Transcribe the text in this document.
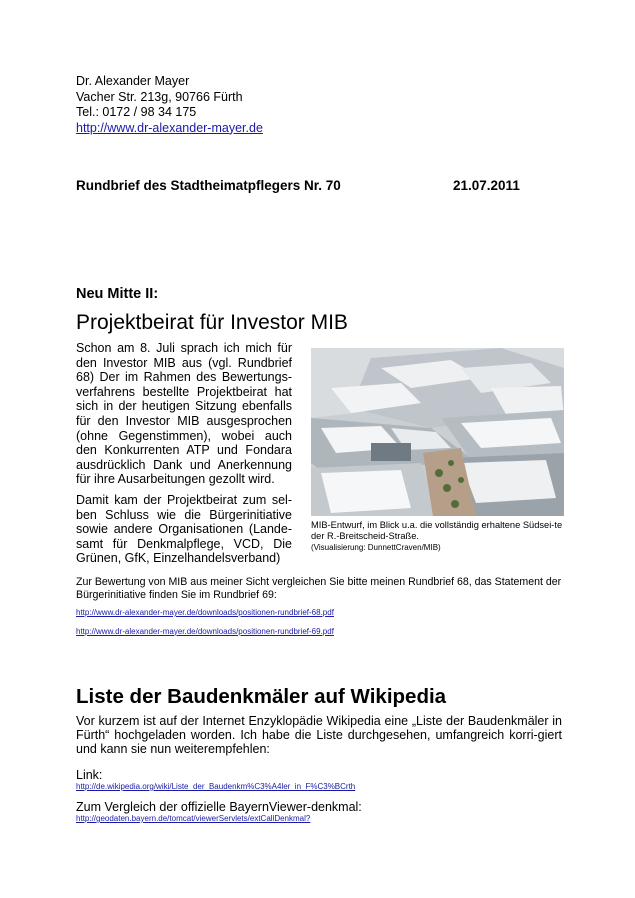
Dr. Alexander Mayer
Vacher Str. 213g, 90766 Fürth
Tel.: 0172 / 98 34 175
http://www.dr-alexander-mayer.de
Rundbrief des Stadtheimatpflegers Nr. 70	21.07.2011
Neu Mitte II:
Projektbeirat für Investor MIB

Schon am 8. Juli sprach ich mich für den Investor MIB aus (vgl. Rundbrief 68) Der im Rahmen des Bewertungs-verfahrens bestellte Projektbeirat hat sich in der heutigen Sitzung ebenfalls für den Investor MIB ausgesprochen (ohne Gegenstimmen), wobei auch den Konkurrenten ATP und Fondara ausdrücklich Dank und Anerkennung für ihre Ausarbeitungen gezollt wird.

Damit kam der Projektbeirat zum sel-ben Schluss wie die Bürgerinitiative sowie andere Organisationen (Lande-samt für Denkmalpflege, VCD, Die Grünen, GfK, Einzelhandelsverband)

MIB-Entwurf, im Blick u.a. die vollständig erhaltene Südsei-te der R.-Breitscheid-Straße.
(Visualisierung: DunnettCraven/MIB)
Zur Bewertung von MIB aus meiner Sicht vergleichen Sie bitte meinen Rundbrief 68, das Statement der Bürgerinitiative finden Sie im Rundbrief 69:
http://www.dr-alexander-mayer.de/downloads/positionen-rundbrief-68.pdf
http://www.dr-alexander-mayer.de/downloads/positionen-rundbrief-69.pdf
Liste der Baudenkmäler auf Wikipedia
Vor kurzem ist auf der Internet Enzyklopädie Wikipedia eine „Liste der Baudenkmäler in Fürth“ hochgeladen worden. Ich habe die Liste durchgesehen, umfangreich korri-giert und kann sie nun weiterempfehlen:
Link:
http://de.wikipedia.org/wiki/Liste_der_Baudenkm%C3%A4ler_in_F%C3%BCrth
Zum Vergleich der offizielle BayernViewer-denkmal:
http://geodaten.bayern.de/tomcat/viewerServlets/extCallDenkmal?
